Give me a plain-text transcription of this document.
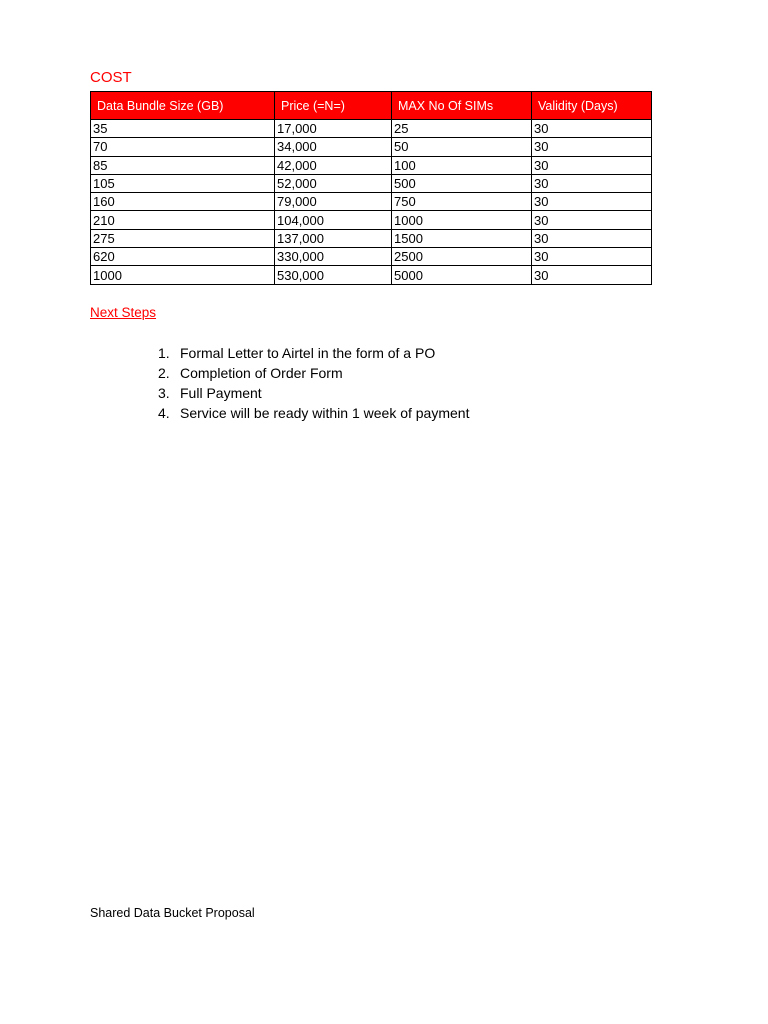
COST
Data Bundle Size (GB)	Price (=N=)	MAX No Of SIMs	Validity (Days)
35	17,000	25	30
70	34,000	50	30
85	42,000	100	30
105	52,000	500	30
160	79,000	750	30
210	104,000	1000	30
275	137,000	1500	30
620	330,000	2500	30
1000	530,000	5000	30
Next Steps
1. Formal Letter to Airtel in the form of a PO
2. Completion of Order Form
3. Full Payment
4. Service will be ready within 1 week of payment
Shared Data Bucket Proposal
